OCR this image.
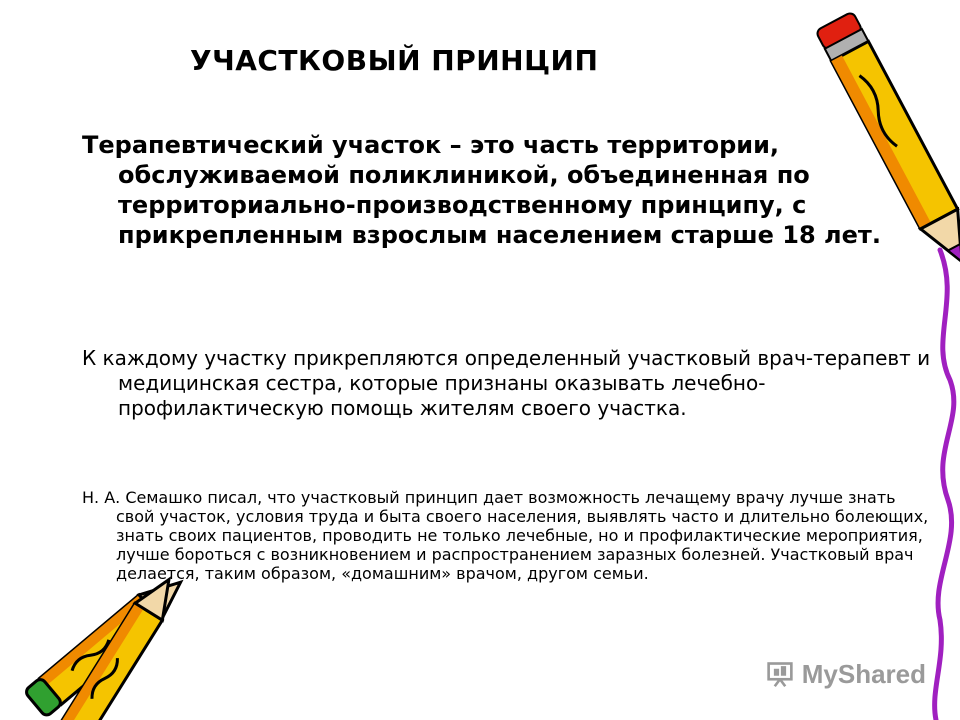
УЧАСТКОВЫЙ ПРИНЦИП

Терапевтический участок – это часть территории, обслуживаемой поликлиникой, объединенная по территориально-производственному принципу, с прикрепленным взрослым населением старше 18 лет.

К каждому участку прикрепляются определенный участковый врач-терапевт и медицинская сестра, которые признаны оказывать лечебно-профилактическую помощь жителям своего участка.

Н. А. Семашко писал, что участковый принцип дает возможность лечащему врачу лучше знать свой участок, условия труда и быта своего населения, выявлять часто и длительно болеющих, знать своих пациентов, проводить не только лечебные, но и профилактические мероприятия, лучше бороться с возникновением и распространением заразных болезней. Участковый врач делается, таким образом, «домашним» врачом, другом семьи.

MyShared
